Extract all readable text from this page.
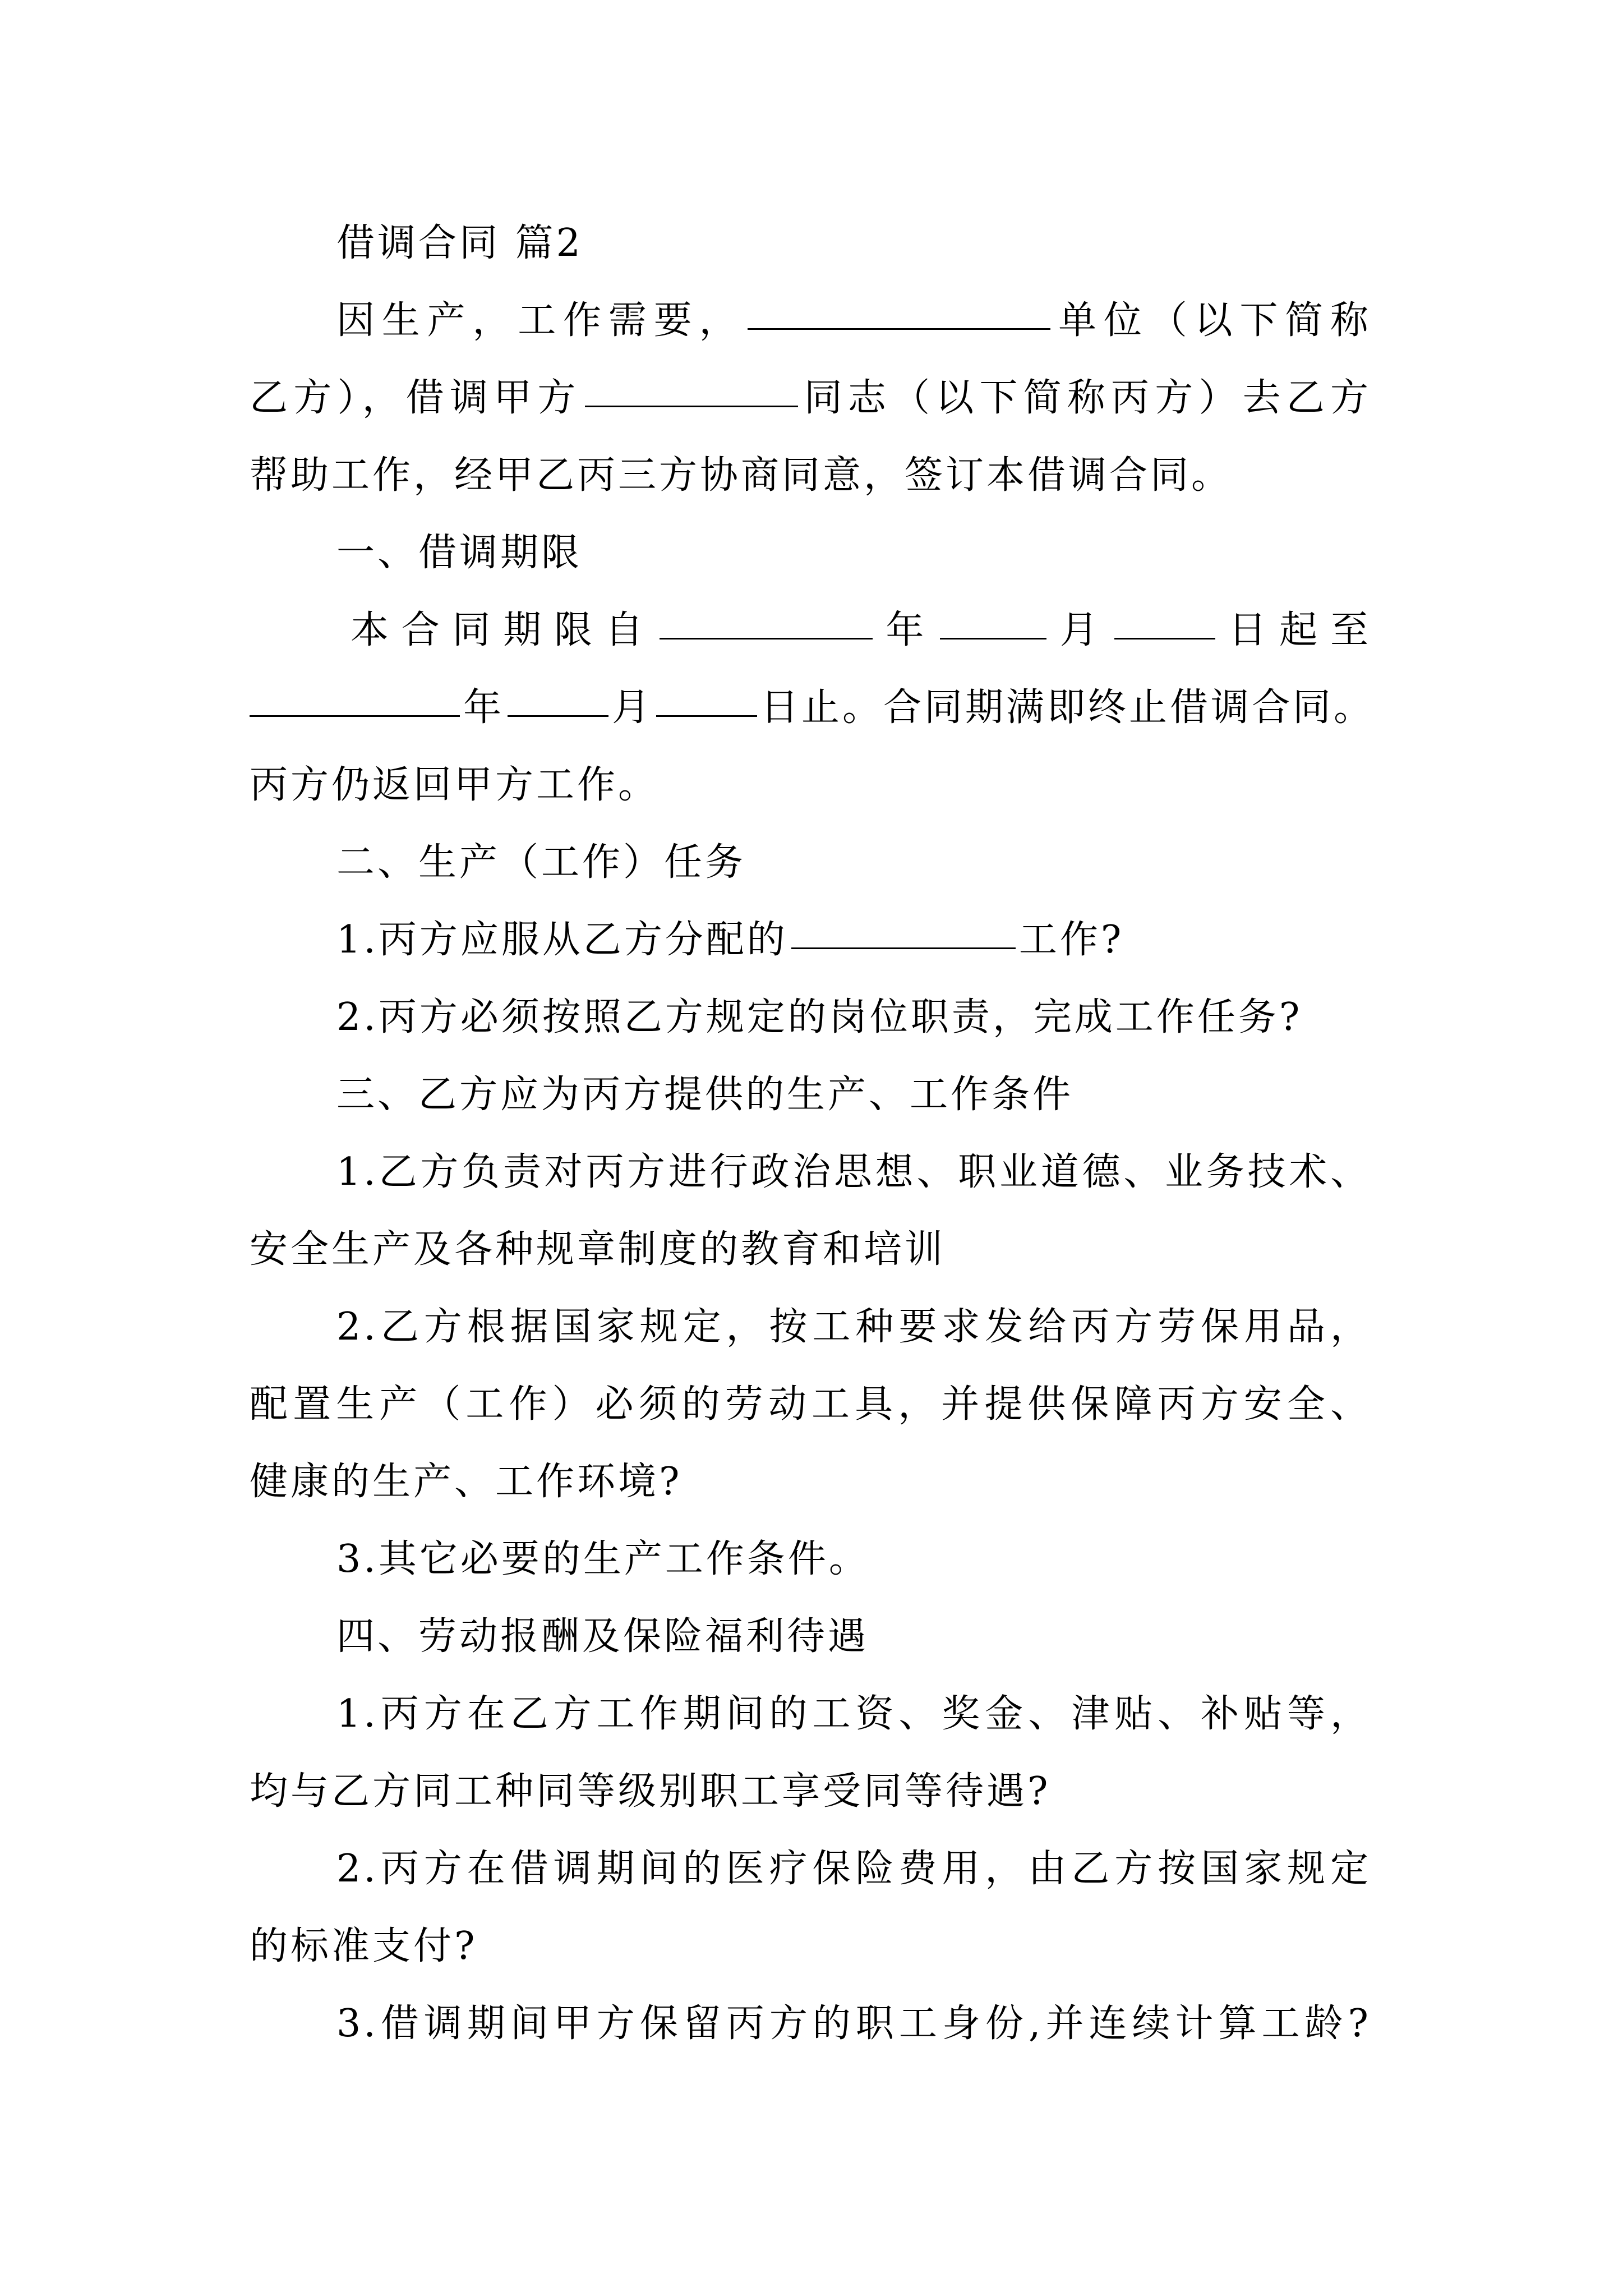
借调合同 篇2
因生产，工作需要，	单位（以下简称
乙方），借调甲方	同志（以下简称丙方）去乙方
帮助工作，经甲乙丙三方协商同意，签订本借调合同。
一、借调期限
本合同期限自	年	月	日起至
年	月	日止。合同期满即终止借调合同。
丙方仍返回甲方工作。
二、生产（工作）任务
1.丙方应服从乙方分配的	工作?
2.丙方必须按照乙方规定的岗位职责，完成工作任务?
三、乙方应为丙方提供的生产、工作条件
1.乙方负责对丙方进行政治思想、职业道德、业务技术、
安全生产及各种规章制度的教育和培训
2.乙方根据国家规定，按工种要求发给丙方劳保用品，
配置生产（工作）必须的劳动工具，并提供保障丙方安全、
健康的生产、工作环境?
3.其它必要的生产工作条件。
四、劳动报酬及保险福利待遇
1.丙方在乙方工作期间的工资、奖金、津贴、补贴等，
均与乙方同工种同等级别职工享受同等待遇?
2.丙方在借调期间的医疗保险费用，由乙方按国家规定
的标准支付?
3.借调期间甲方保留丙方的职工身份,并连续计算工龄?
